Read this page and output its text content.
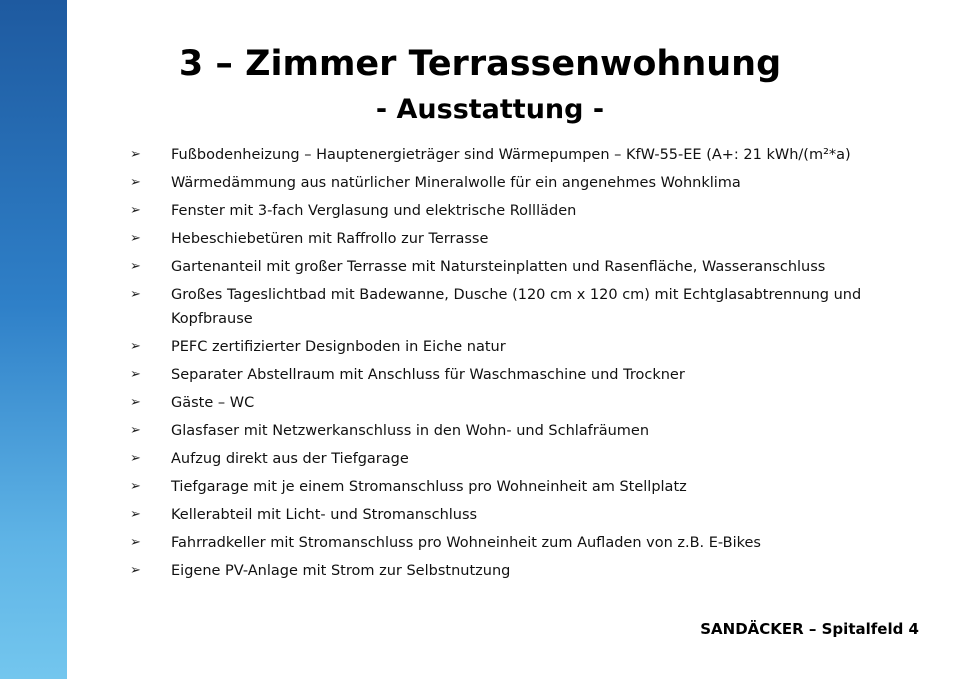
3 – Zimmer Terrassenwohnung
- Ausstattung -
➢ Fußbodenheizung – Hauptenergieträger sind Wärmepumpen – KfW-55-EE (A+: 21 kWh/(m²*a)
➢ Wärmedämmung aus natürlicher Mineralwolle für ein angenehmes Wohnklima
➢ Fenster mit 3-fach Verglasung und elektrische Rollläden
➢ Hebeschiebetüren mit Raffrollo zur Terrasse
➢ Gartenanteil mit großer Terrasse mit Natursteinplatten und Rasenfläche, Wasseranschluss
➢ Großes Tageslichtbad mit Badewanne, Dusche (120 cm x 120 cm) mit Echtglasabtrennung und Kopfbrause
➢ PEFC zertifizierter Designboden in Eiche natur
➢ Separater Abstellraum mit Anschluss für Waschmaschine und Trockner
➢ Gäste – WC
➢ Glasfaser mit Netzwerkanschluss in den Wohn- und Schlafräumen
➢ Aufzug direkt aus der Tiefgarage
➢ Tiefgarage mit je einem Stromanschluss pro Wohneinheit am Stellplatz
➢ Kellerabteil mit Licht- und Stromanschluss
➢ Fahrradkeller mit Stromanschluss pro Wohneinheit zum Aufladen von z.B. E-Bikes
➢ Eigene PV-Anlage mit Strom zur Selbstnutzung
SANDÄCKER – Spitalfeld 4
